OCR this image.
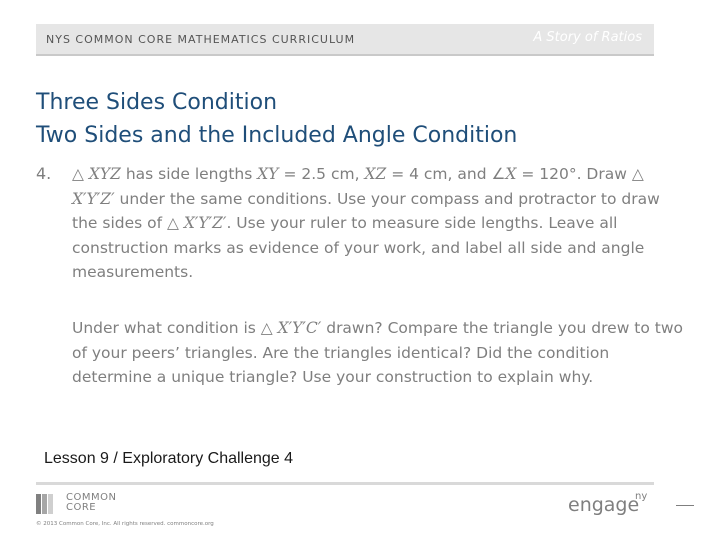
NYS COMMON CORE MATHEMATICS CURRICULUM	A Story of Ratios
Three Sides Condition
Two Sides and the Included Angle Condition
4. △ XYZ has side lengths XY = 2.5 cm, XZ = 4 cm, and ∠X = 120°. Draw △ X′Y′Z′ under the same conditions. Use your compass and protractor to draw the sides of △ X′Y′Z′. Use your ruler to measure side lengths. Leave all construction marks as evidence of your work, and label all side and angle measurements.
Under what condition is △ X′Y′C′ drawn? Compare the triangle you drew to two of your peers’ triangles. Are the triangles identical? Did the condition determine a unique triangle? Use your construction to explain why.
Lesson 9 / Exploratory Challenge 4
COMMON
CORE
© 2013 Common Core, Inc. All rights reserved. commoncore.org
engage
ny
